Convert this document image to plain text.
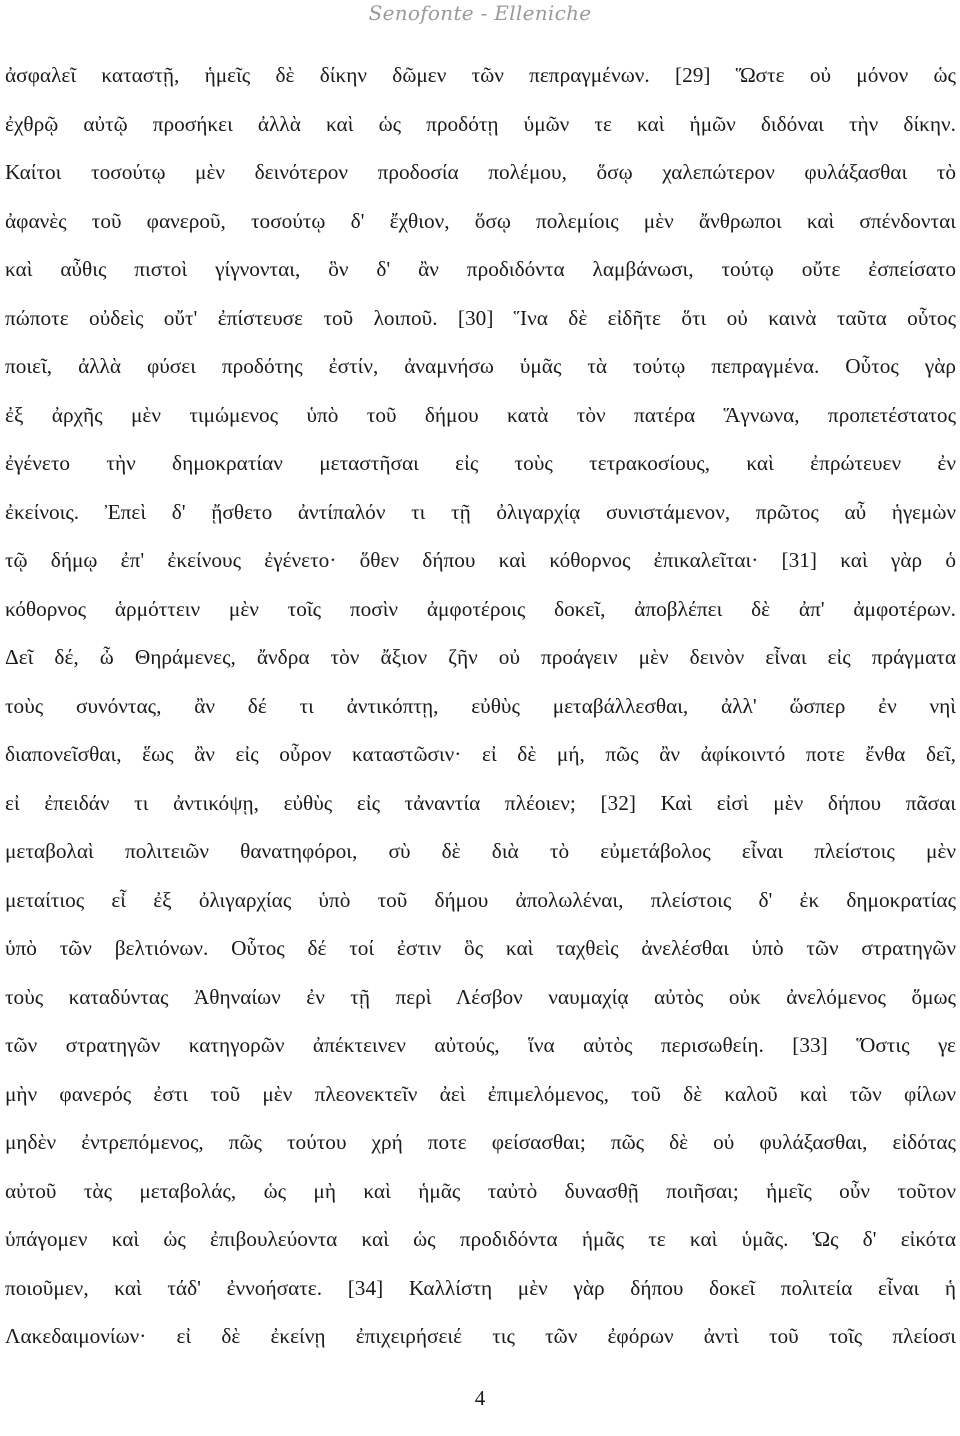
Senofonte - Elleniche
ἀσφαλεῖ καταστῇ, ἡμεῖς δὲ δίκην δῶμεν τῶν πεπραγμένων. [29] Ὥστε οὐ μόνον ὡς
ἐχθρῷ αὐτῷ προσήκει ἀλλὰ καὶ ὡς προδότῃ ὑμῶν τε καὶ ἡμῶν διδόναι τὴν δίκην.
Καίτοι τοσούτῳ μὲν δεινότερον προδοσία πολέμου, ὅσῳ χαλεπώτερον φυλάξασθαι τὸ
ἀφανὲς τοῦ φανεροῦ, τοσούτῳ δ' ἔχθιον, ὅσῳ πολεμίοις μὲν ἄνθρωποι καὶ σπένδονται
καὶ αὖθις πιστοὶ γίγνονται, ὃν δ' ἂν προδιδόντα λαμβάνωσι, τούτῳ οὔτε ἐσπείσατο
πώποτε οὐδεὶς οὔτ' ἐπίστευσε τοῦ λοιποῦ. [30] Ἵνα δὲ εἰδῆτε ὅτι οὐ καινὰ ταῦτα οὗτος
ποιεῖ, ἀλλὰ φύσει προδότης ἐστίν, ἀναμνήσω ὑμᾶς τὰ τούτῳ πεπραγμένα. Οὗτος γὰρ
ἐξ ἀρχῆς μὲν τιμώμενος ὑπὸ τοῦ δήμου κατὰ τὸν πατέρα Ἅγνωνα, προπετέστατος
ἐγένετο τὴν δημοκρατίαν μεταστῆσαι εἰς τοὺς τετρακοσίους, καὶ ἐπρώτευεν ἐν
ἐκείνοις. Ἐπεὶ δ' ᾔσθετο ἀντίπαλόν τι τῇ ὀλιγαρχίᾳ συνιστάμενον, πρῶτος αὖ ἡγεμὼν
τῷ δήμῳ ἐπ' ἐκείνους ἐγένετο· ὅθεν δήπου καὶ κόθορνος ἐπικαλεῖται· [31] καὶ γὰρ ὁ
κόθορνος ἁρμόττειν μὲν τοῖς ποσὶν ἀμφοτέροις δοκεῖ, ἀποβλέπει δὲ ἀπ' ἀμφοτέρων.
Δεῖ δέ, ὦ Θηράμενες, ἄνδρα τὸν ἄξιον ζῆν οὐ προάγειν μὲν δεινὸν εἶναι εἰς πράγματα
τοὺς συνόντας, ἂν δέ τι ἀντικόπτῃ, εὐθὺς μεταβάλλεσθαι, ἀλλ' ὥσπερ ἐν νηὶ
διαπονεῖσθαι, ἕως ἂν εἰς οὖρον καταστῶσιν· εἰ δὲ μή, πῶς ἂν ἀφίκοιντό ποτε ἔνθα δεῖ,
εἰ ἐπειδάν τι ἀντικόψῃ, εὐθὺς εἰς τἀναντία πλέοιεν; [32] Καὶ εἰσὶ μὲν δήπου πᾶσαι
μεταβολαὶ πολιτειῶν θανατηφόροι, σὺ δὲ διὰ τὸ εὐμετάβολος εἶναι πλείστοις μὲν
μεταίτιος εἶ ἐξ ὀλιγαρχίας ὑπὸ τοῦ δήμου ἀπολωλέναι, πλείστοις δ' ἐκ δημοκρατίας
ὑπὸ τῶν βελτιόνων. Οὗτος δέ τοί ἐστιν ὃς καὶ ταχθεὶς ἀνελέσθαι ὑπὸ τῶν στρατηγῶν
τοὺς καταδύντας Ἀθηναίων ἐν τῇ περὶ Λέσβον ναυμαχίᾳ αὐτὸς οὐκ ἀνελόμενος ὅμως
τῶν στρατηγῶν κατηγορῶν ἀπέκτεινεν αὐτούς, ἵνα αὐτὸς περισωθείη. [33] Ὅστις γε
μὴν φανερός ἐστι τοῦ μὲν πλεονεκτεῖν ἀεὶ ἐπιμελόμενος, τοῦ δὲ καλοῦ καὶ τῶν φίλων
μηδὲν ἐντρεπόμενος, πῶς τούτου χρή ποτε φείσασθαι; πῶς δὲ οὐ φυλάξασθαι, εἰδότας
αὐτοῦ τὰς μεταβολάς, ὡς μὴ καὶ ἡμᾶς ταὐτὸ δυνασθῇ ποιῆσαι; ἡμεῖς οὖν τοῦτον
ὑπάγομεν καὶ ὡς ἐπιβουλεύοντα καὶ ὡς προδιδόντα ἡμᾶς τε καὶ ὑμᾶς. Ὡς δ' εἰκότα
ποιοῦμεν, καὶ τάδ' ἐννοήσατε. [34] Καλλίστη μὲν γὰρ δήπου δοκεῖ πολιτεία εἶναι ἡ
Λακεδαιμονίων· εἰ δὲ ἐκείνῃ ἐπιχειρήσειέ τις τῶν ἐφόρων ἀντὶ τοῦ τοῖς πλείοσι
4
